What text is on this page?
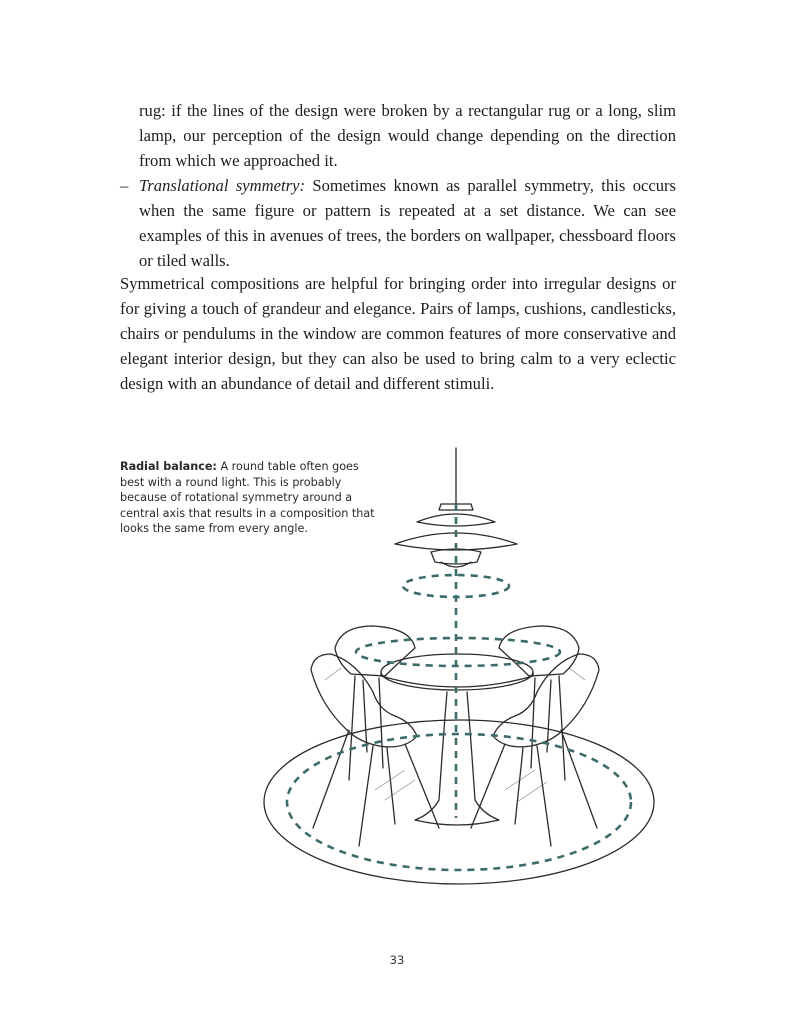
rug: if the lines of the design were broken by a rectangular rug or a long, slim lamp, our perception of the design would change depending on the direction from which we approached it.
– Translational symmetry: Sometimes known as parallel symmetry, this occurs when the same figure or pattern is repeated at a set distance. We can see examples of this in avenues of trees, the borders on wallpaper, chessboard floors or tiled walls.

Symmetrical compositions are helpful for bringing order into irregular designs or for giving a touch of grandeur and elegance. Pairs of lamps, cushions, candlesticks, chairs or pendulums in the window are common features of more conservative and elegant interior design, but they can also be used to bring calm to a very eclectic design with an abundance of detail and different stimuli.

Radial balance: A round table often goes best with a round light. This is probably because of rotational symmetry around a central axis that results in a composition that looks the same from every angle.
33
